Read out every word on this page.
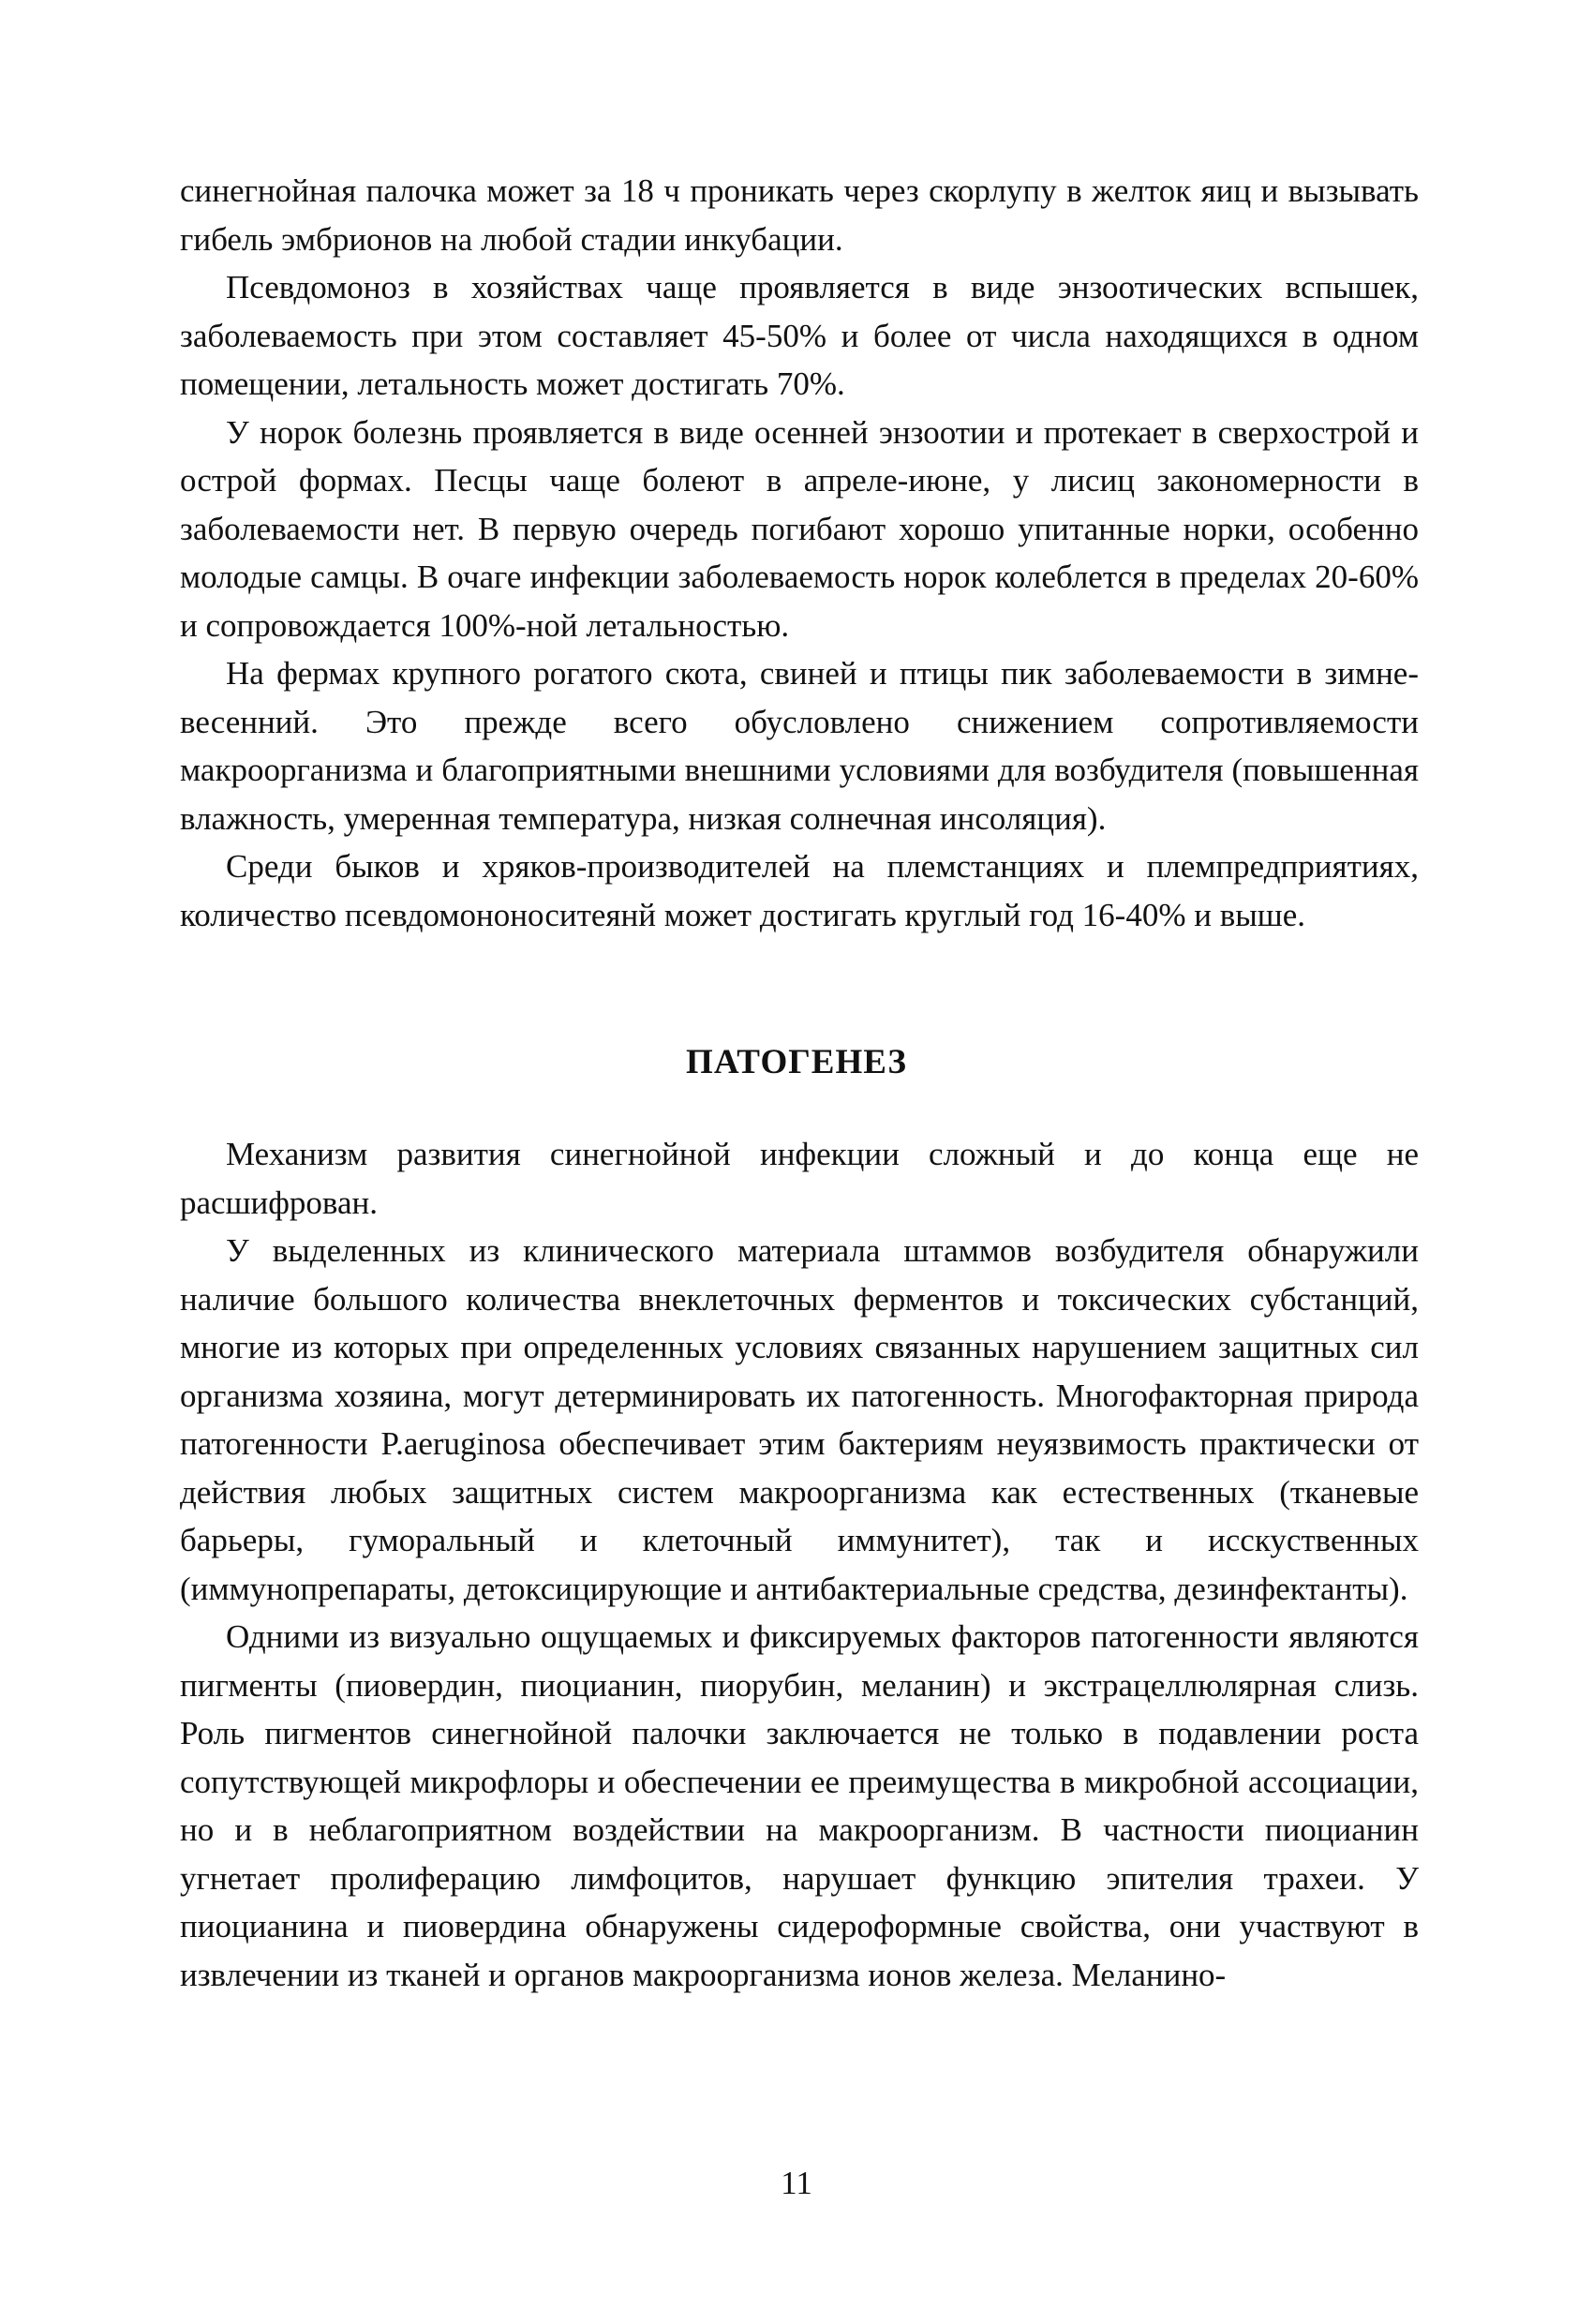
синегнойная палочка может за 18 ч проникать через скорлупу в желток яиц и вызывать гибель эмбрионов на любой стадии инкубации.

Псевдомоноз в хозяйствах чаще проявляется в виде энзоотических вспышек, заболеваемость при этом составляет 45-50% и более от числа находящихся в одном помещении, летальность может достигать 70%.

У норок болезнь проявляется в виде осенней энзоотии и протекает в сверхострой и острой формах. Песцы чаще болеют в апреле-июне, у лисиц закономерности в заболеваемости нет. В первую очередь погибают хорошо упитанные норки, особенно молодые самцы. В очаге инфекции заболеваемость норок колеблется в пределах 20-60% и сопровождается 100%-ной летальностью.

На фермах крупного рогатого скота, свиней и птицы пик заболеваемости в зимне-весенний. Это прежде всего обусловлено снижением сопротивляемости макроорганизма и благоприятными внешними условиями для возбудителя (повышенная влажность, умеренная температура, низкая солнечная инсоляция).

Среди быков и хряков-производителей на племстанциях и племпредприятиях, количество псевдомононоситеянй может достигать круглый год 16-40% и выше.

ПАТОГЕНЕЗ

Механизм развития синегнойной инфекции сложный и до конца еще не расшифрован.

У выделенных из клинического материала штаммов возбудителя обнаружили наличие большого количества внеклеточных ферментов и токсических субстанций, многие из которых при определенных условиях связанных нарушением защитных сил организма хозяина, могут детерминировать их патогенность. Многофакторная природа патогенности P.aeruginosa обеспечивает этим бактериям неуязвимость практически от действия любых защитных систем макроорганизма как естественных (тканевые барьеры, гуморальный и клеточный иммунитет), так и исскуственных (иммунопрепараты, детоксицирующие и антибактериальные средства, дезинфектанты).

Одними из визуально ощущаемых и фиксируемых факторов патогенности являются пигменты (пиовердин, пиоцианин, пиорубин, меланин) и экстрацеллюлярная слизь. Роль пигментов синегнойной палочки заключается не только в подавлении роста сопутствующей микрофлоры и обеспечении ее преимущества в микробной ассоциации, но и в неблагоприятном воздействии на макроорганизм. В частности пиоцианин угнетает пролиферацию лимфоцитов, нарушает функцию эпителия трахеи. У пиоцианина и пиовердина обнаружены сидероформные свойства, они участвуют в извлечении из тканей и органов макроорганизма ионов железа. Меланино-

11
